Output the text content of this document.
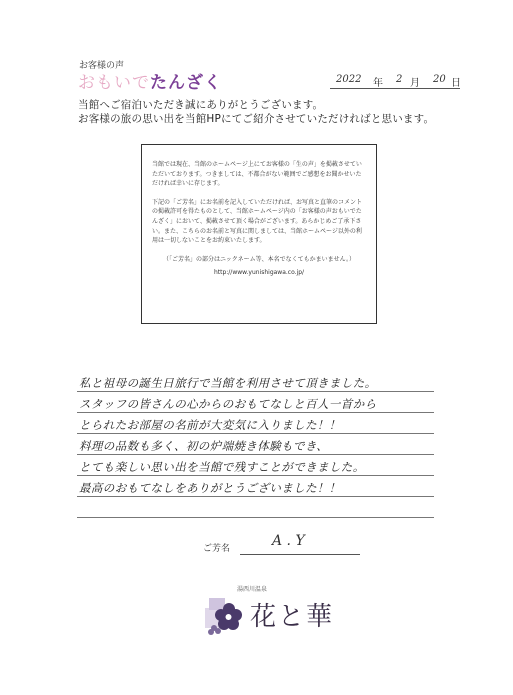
お客様の声
おもいでたんざく	2022 年 2 月 20 日
当館へご宿泊いただき誠にありがとうございます。
お客様の旅の思い出を当館HPにてご紹介させていただければと思います。

当館では現在、当館のホームページ上にてお客様の「生の声」を掲載させていただいております。つきましては、不都合がない範囲でご感想をお聞かせいただければ幸いに存じます。

下記の「ご芳名」にお名前を記入していただければ、お写真と直筆のコメントの掲載許可を得たものとして、当館ホームページ内の「お客様の声おもいでたんざく」において、掲載させて頂く場合がございます。あらかじめご了承下さい。また、こちらのお名前と写真に関しましては、当館ホームページ以外の利用は一切しないことをお約束いたします。

（「ご芳名」の部分はニックネーム等、本名でなくてもかまいません。）

http://www.yunishigawa.co.jp/

私と祖母の誕生日旅行で当館を利用させて頂きました。
スタッフの皆さんの心からのおもてなしと百人一首から
とられたお部屋の名前が大変気に入りました！！
料理の品数も多く、初の炉端焼き体験もでき、
とても楽しい思い出を当館で残すことができました。
最高のおもてなしをありがとうございました！！
ご芳名	A . Y
湯西川温泉
花と華
